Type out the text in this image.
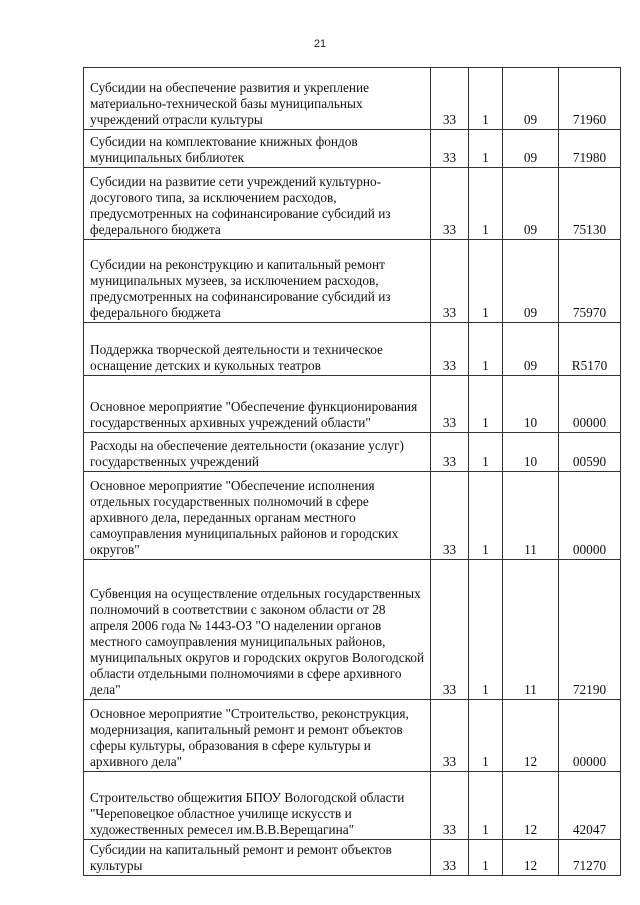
21
Субсидии на обеспечение развития и укрепление материально-технической базы муниципальных учреждений отрасли культуры	33	1	09	71960
Субсидии на комплектование книжных фондов муниципальных библиотек	33	1	09	71980
Субсидии на развитие сети учреждений культурно-досугового типа, за исключением расходов, предусмотренных на софинансирование субсидий из федерального бюджета	33	1	09	75130
Субсидии на реконструкцию и капитальный ремонт муниципальных музеев, за исключением расходов, предусмотренных на софинансирование субсидий из федерального бюджета	33	1	09	75970
Поддержка творческой деятельности и техническое оснащение детских и кукольных театров	33	1	09	R5170
Основное мероприятие "Обеспечение функционирования государственных архивных учреждений области"	33	1	10	00000
Расходы на обеспечение деятельности (оказание услуг) государственных учреждений	33	1	10	00590
Основное мероприятие "Обеспечение исполнения отдельных государственных полномочий в сфере архивного дела, переданных органам местного самоуправления муниципальных районов и городских округов"	33	1	11	00000
Субвенция на осуществление отдельных государственных полномочий в соответствии с законом области от 28 апреля 2006 года № 1443-ОЗ "О наделении органов местного самоуправления муниципальных районов, муниципальных округов и городских округов Вологодской области отдельными полномочиями в сфере архивного дела"	33	1	11	72190
Основное мероприятие "Строительство, реконструкция, модернизация, капитальный ремонт и ремонт объектов сферы культуры, образования в сфере культуры и архивного дела"	33	1	12	00000
Строительство общежития БПОУ Вологодской области "Череповецкое областное училище искусств и художественных ремесел им.В.В.Верещагина"	33	1	12	42047
Субсидии на капитальный ремонт и ремонт объектов культуры	33	1	12	71270
